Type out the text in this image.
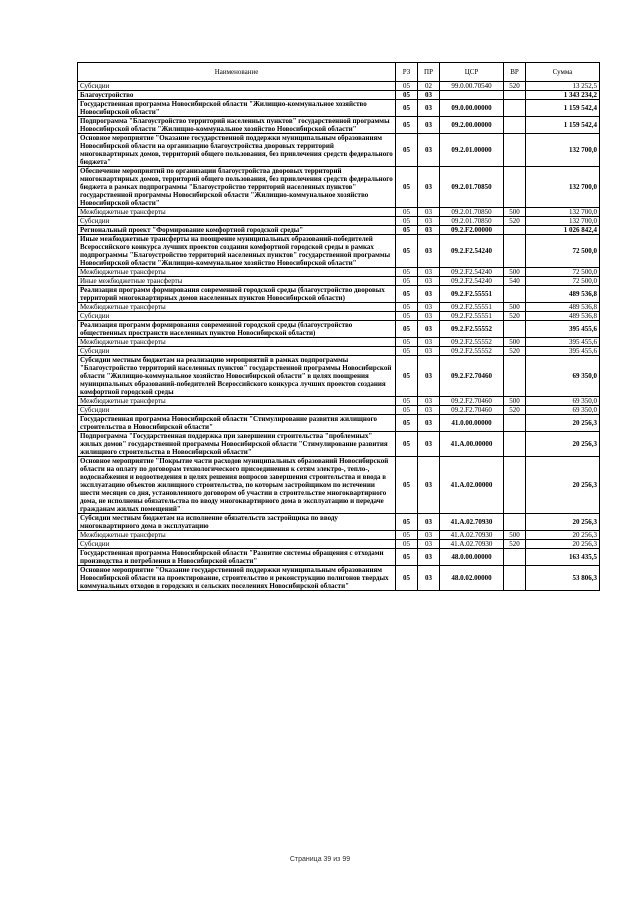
Наименование	РЗ	ПР	ЦСР	ВР	Сумма
Субсидии	05	02	99.0.00.70540	520	13 252,5
Благоустройство	05	03			1 343 234,2
Государственная программа Новосибирской области "Жилищно-коммунальное хозяйство Новосибирской области"	05	03	09.0.00.00000		1 159 542,4
Подпрограмма "Благоустройство территорий населенных пунктов" государственной программы Новосибирской области "Жилищно-коммунальное хозяйство Новосибирской области"	05	03	09.2.00.00000		1 159 542,4
Основное мероприятие "Оказание государственной поддержки муниципальным образованиям Новосибирской области на организацию благоустройства дворовых территорий многоквартирных домов, территорий общего пользования, без привлечения средств федерального бюджета"	05	03	09.2.01.00000		132 700,0
Обеспечение мероприятий по организации благоустройства дворовых территорий многоквартирных домов, территорий общего пользования, без привлечения средств федерального бюджета в рамках подпрограммы "Благоустройство территорий населенных пунктов" государственной программы Новосибирской области "Жилищно-коммунальное хозяйство Новосибирской области"	05	03	09.2.01.70850		132 700,0
Межбюджетные трансферты	05	03	09.2.01.70850	500	132 700,0
Субсидии	05	03	09.2.01.70850	520	132 700,0
Региональный проект "Формирование комфортной городской среды"	05	03	09.2.F2.00000		1 026 842,4
Иные межбюджетные трансферты на поощрение муниципальных образований-победителей Всероссийского конкурса лучших проектов создания комфортной городской среды в рамках подпрограммы "Благоустройство территорий населенных пунктов" государственной программы Новосибирской области "Жилищно-коммунальное хозяйство Новосибирской области"	05	03	09.2.F2.54240		72 500,0
Межбюджетные трансферты	05	03	09.2.F2.54240	500	72 500,0
Иные межбюджетные трансферты	05	03	09.2.F2.54240	540	72 500,0
Реализация программ формирования современной городской среды (благоустройство дворовых территорий многоквартирных домов населенных пунктов Новосибирской области)	05	03	09.2.F2.55551		489 536,8
Межбюджетные трансферты	05	03	09.2.F2.55551	500	489 536,8
Субсидии	05	03	09.2.F2.55551	520	489 536,8
Реализация программ формирования современной городской среды (благоустройство общественных пространств населенных пунктов Новосибирской области)	05	03	09.2.F2.55552		395 455,6
Межбюджетные трансферты	05	03	09.2.F2.55552	500	395 455,6
Субсидии	05	03	09.2.F2.55552	520	395 455,6
Субсидии местным бюджетам на реализацию мероприятий в рамках подпрограммы "Благоустройство территорий населенных пунктов" государственной программы Новосибирской области "Жилищно-коммунальное хозяйство Новосибирской области" в целях поощрения муниципальных образований-победителей Всероссийского конкурса лучших проектов создания комфортной городской среды	05	03	09.2.F2.70460		69 350,0
Межбюджетные трансферты	05	03	09.2.F2.70460	500	69 350,0
Субсидии	05	03	09.2.F2.70460	520	69 350,0
Государственная программа Новосибирской области "Стимулирование развития жилищного строительства в Новосибирской области"	05	03	41.0.00.00000		20 256,3
Подпрограмма "Государственная поддержка при завершении строительства "проблемных" жилых домов" государственной программы Новосибирской области "Стимулирование развития жилищного строительства в Новосибирской области"	05	03	41.А.00.00000		20 256,3
Основное мероприятие "Покрытие части расходов муниципальных образований Новосибирской области на оплату по договорам технологического присоединения к сетям электро-, тепло-, водоснабжения и водоотведения в целях решения вопросов завершения строительства и ввода в эксплуатацию объектов жилищного строительства, по которым застройщиком по истечении шести месяцев со дня, установленного договором об участии в строительстве многоквартирного дома, не исполнены обязательства по вводу многоквартирного дома в эксплуатацию и передаче гражданам жилых помещений"	05	03	41.А.02.00000		20 256,3
Субсидии местным бюджетам на исполнение обязательств застройщика по вводу многоквартирного дома в эксплуатацию	05	03	41.А.02.70930		20 256,3
Межбюджетные трансферты	05	03	41.А.02.70930	500	20 256,3
Субсидии	05	03	41.А.02.70930	520	20 256,3
Государственная программа Новосибирской области "Развитие системы обращения с отходами производства и потребления в Новосибирской области"	05	03	48.0.00.00000		163 435,5
Основное мероприятие "Оказание государственной поддержки муниципальным образованиям Новосибирской области на проектирование, строительство и реконструкцию полигонов твердых коммунальных отходов в городских и сельских поселениях Новосибирской области"	05	03	48.0.02.00000		53 806,3
Страница 39 из 99
